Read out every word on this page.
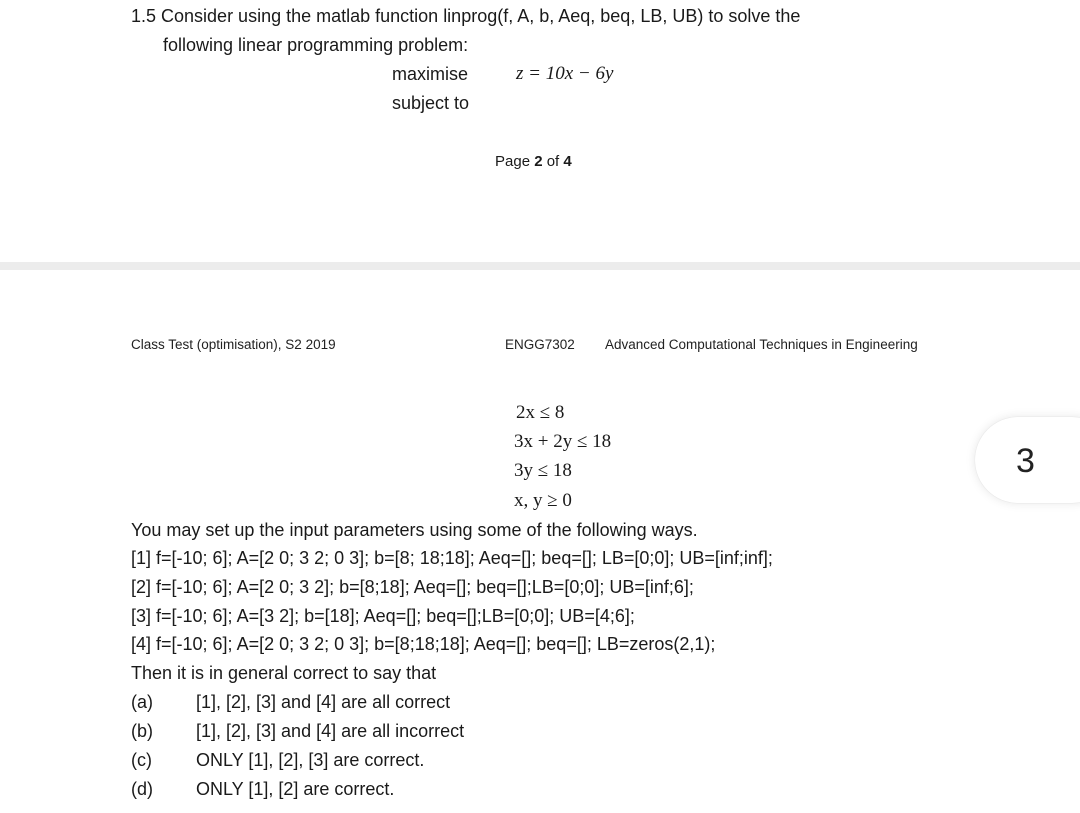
1.5 Consider using the matlab function linprog(f, A, b, Aeq, beq, LB, UB) to solve the
following linear programming problem:
maximise	z = 10x − 6y
subject to
Page 2 of 4
Class Test (optimisation), S2 2019	ENGG7302 Advanced Computational Techniques in Engineering
2x ≤ 8
3x + 2y ≤ 18
3y ≤ 18
x, y ≥ 0
You may set up the input parameters using some of the following ways.
[1] f=[-10; 6]; A=[2 0; 3 2; 0 3]; b=[8; 18;18]; Aeq=[]; beq=[]; LB=[0;0]; UB=[inf;inf];
[2] f=[-10; 6]; A=[2 0; 3 2]; b=[8;18]; Aeq=[]; beq=[];LB=[0;0]; UB=[inf;6];
[3] f=[-10; 6]; A=[3 2]; b=[18]; Aeq=[]; beq=[];LB=[0;0]; UB=[4;6];
[4] f=[-10; 6]; A=[2 0; 3 2; 0 3]; b=[8;18;18]; Aeq=[]; beq=[]; LB=zeros(2,1);
Then it is in general correct to say that
(a) [1], [2], [3] and [4] are all correct
(b) [1], [2], [3] and [4] are all incorrect
(c) ONLY [1], [2], [3] are correct.
(d) ONLY [1], [2] are correct.
3
